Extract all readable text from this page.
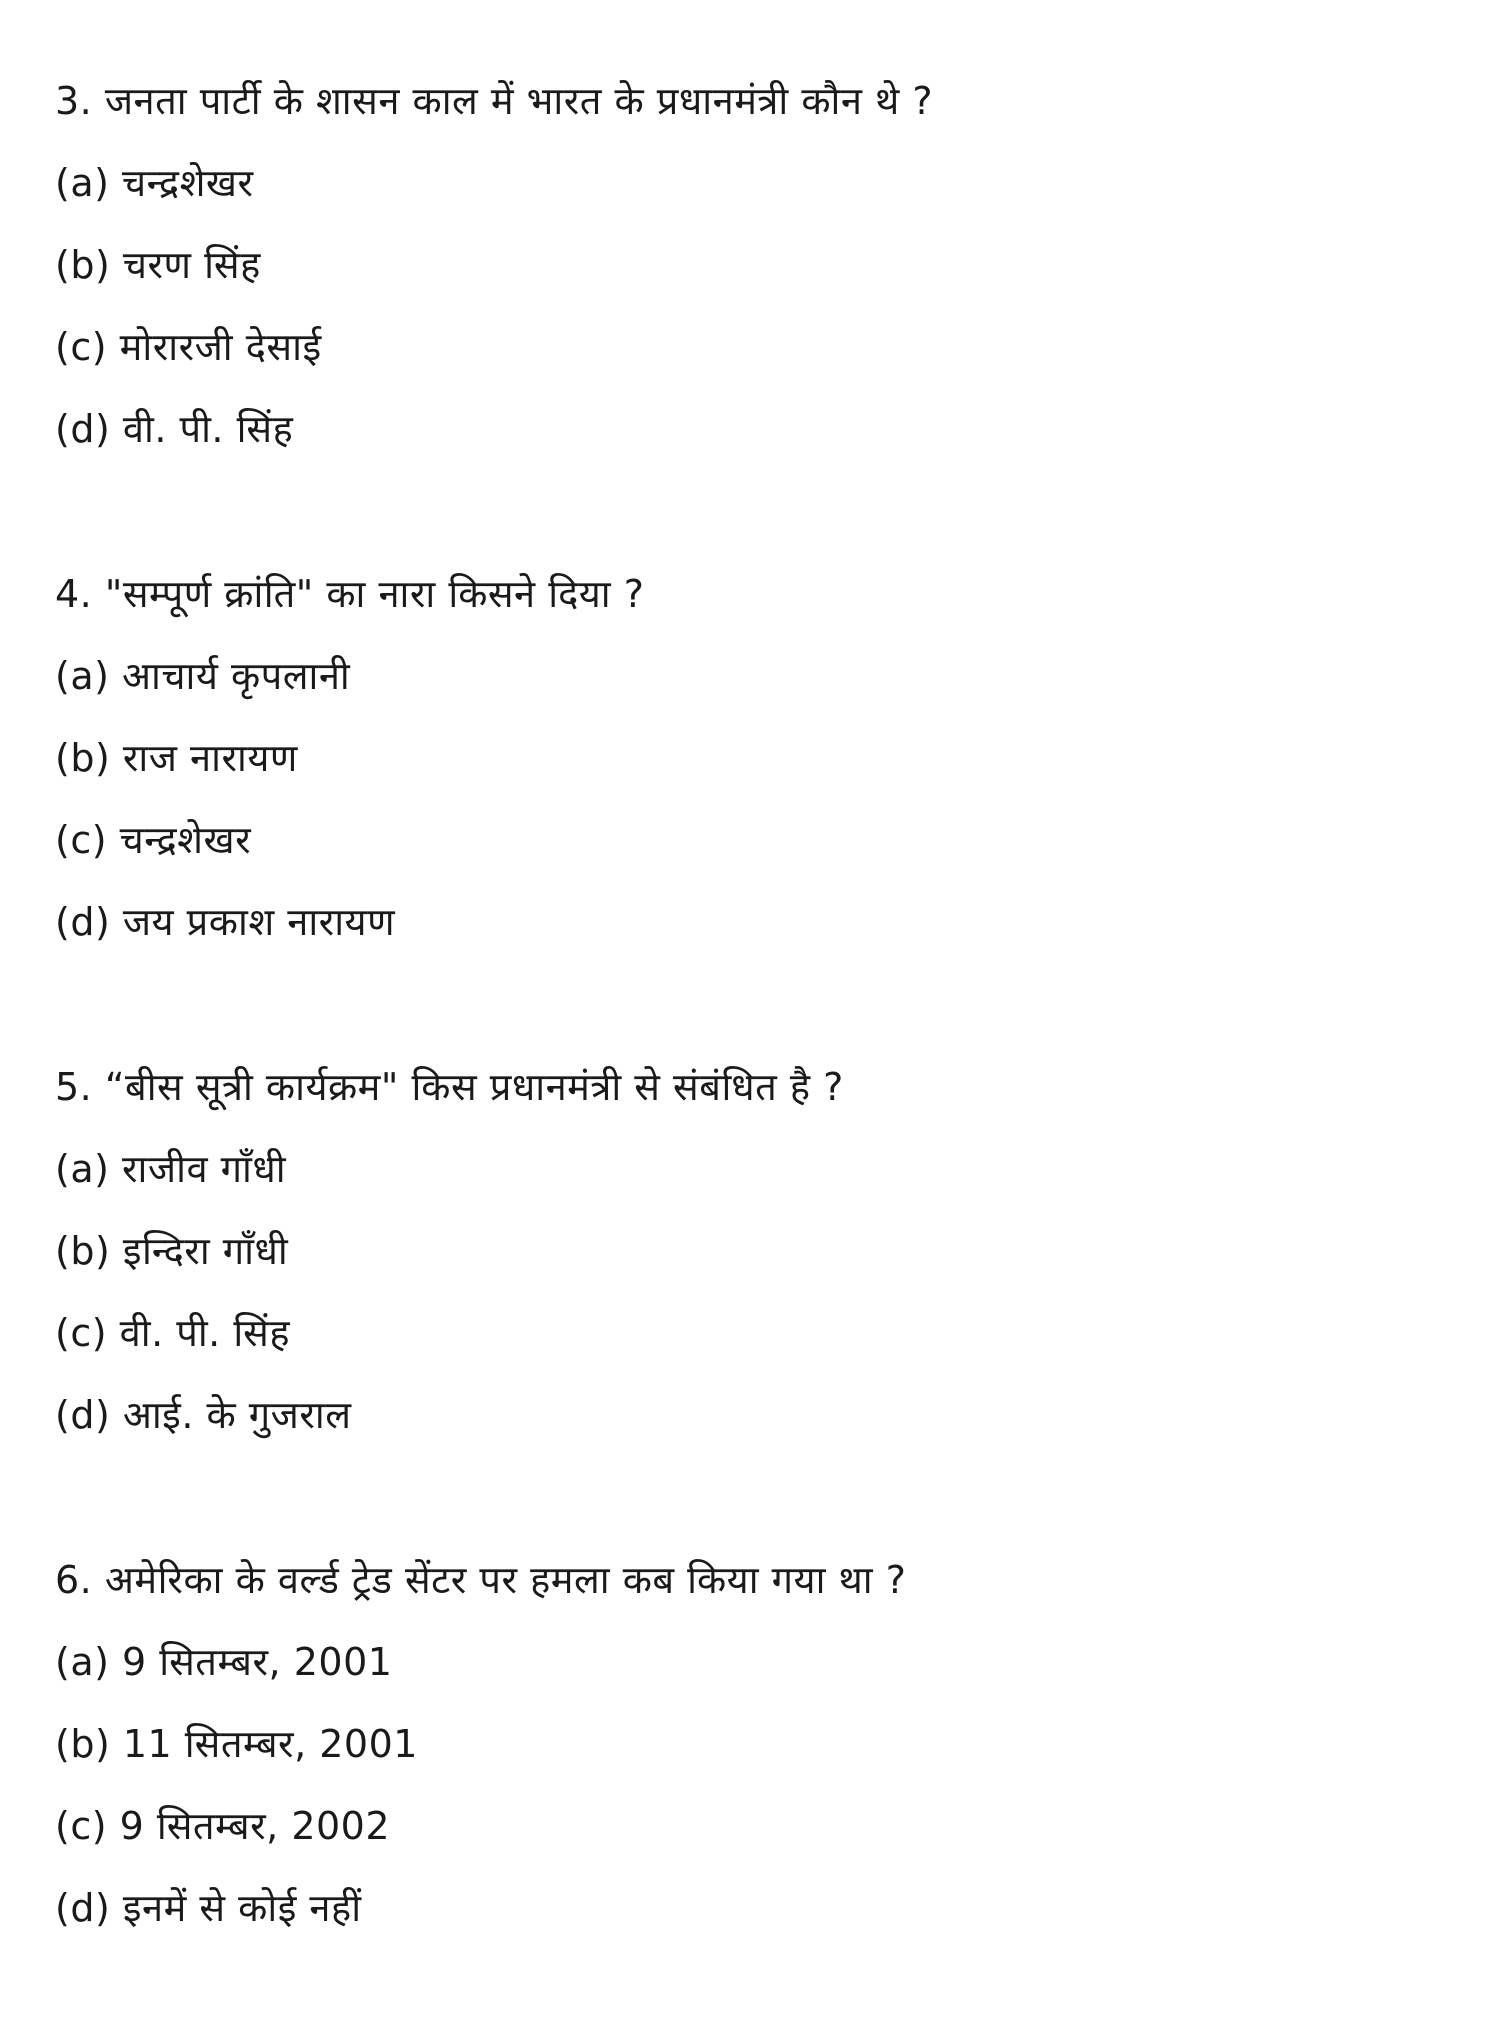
3. जनता पार्टी के शासन काल में भारत के प्रधानमंत्री कौन थे ?
(a) चन्द्रशेखर
(b) चरण सिंह
(c) मोरारजी देसाई
(d) वी. पी. सिंह
4. "सम्पूर्ण क्रांति" का नारा किसने दिया ?
(a) आचार्य कृपलानी
(b) राज नारायण
(c) चन्द्रशेखर
(d) जय प्रकाश नारायण
5. “बीस सूत्री कार्यक्रम" किस प्रधानमंत्री से संबंधित है ?
(a) राजीव गाँधी
(b) इन्दिरा गाँधी
(c) वी. पी. सिंह
(d) आई. के गुजराल
6. अमेरिका के वर्ल्ड ट्रेड सेंटर पर हमला कब किया गया था ?
(a) 9 सितम्बर, 2001
(b) 11 सितम्बर, 2001
(c) 9 सितम्बर, 2002
(d) इनमें से कोई नहीं
